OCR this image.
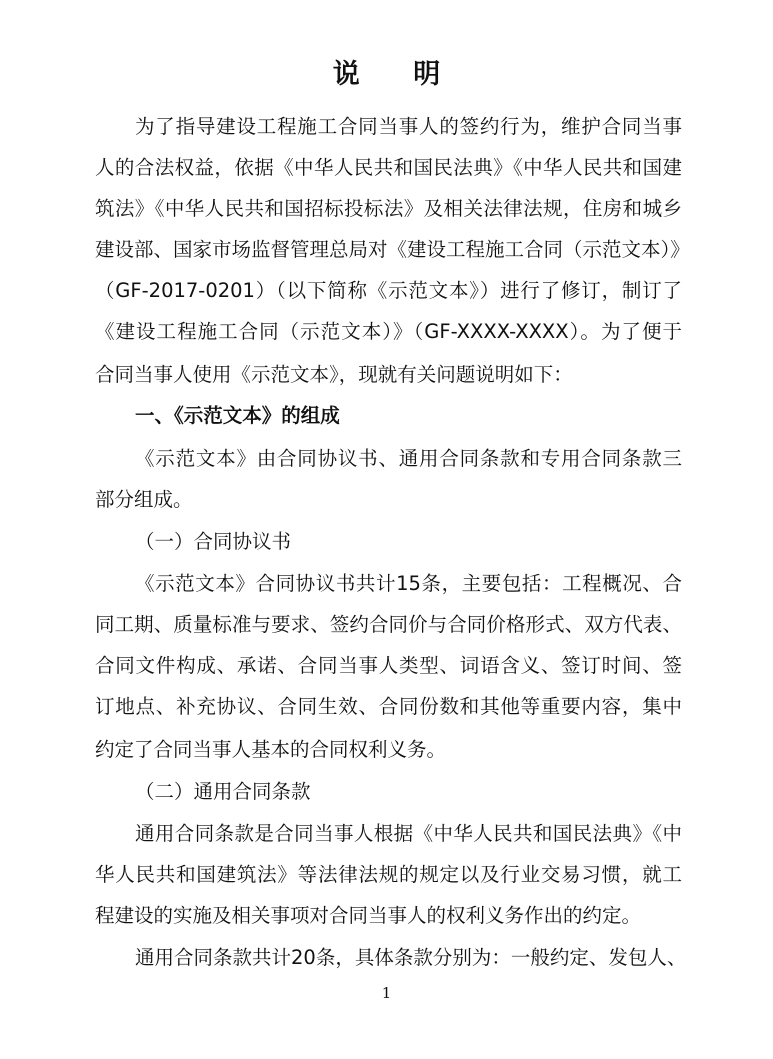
说 明
为了指导建设工程施工合同当事人的签约行为，维护合同当事
人的合法权益，依据《中华人民共和国民法典》《中华人民共和国建
筑法》《中华人民共和国招标投标法》及相关法律法规，住房和城乡
建设部、国家市场监督管理总局对《建设工程施工合同（示范文本）》
（GF-2017-0201）（以下简称《示范文本》）进行了修订，制订了
《建设工程施工合同（示范文本）》（GF-XXXX-XXXX）。为了便于
合同当事人使用《示范文本》，现就有关问题说明如下：
一、《示范文本》的组成
《示范文本》由合同协议书、通用合同条款和专用合同条款三
部分组成。
（一）合同协议书
《示范文本》合同协议书共计15条，主要包括：工程概况、合
同工期、质量标准与要求、签约合同价与合同价格形式、双方代表、
合同文件构成、承诺、合同当事人类型、词语含义、签订时间、签
订地点、补充协议、合同生效、合同份数和其他等重要内容，集中
约定了合同当事人基本的合同权利义务。
（二）通用合同条款
通用合同条款是合同当事人根据《中华人民共和国民法典》《中
华人民共和国建筑法》等法律法规的规定以及行业交易习惯，就工
程建设的实施及相关事项对合同当事人的权利义务作出的约定。
通用合同条款共计20条，具体条款分别为：一般约定、发包人、
1
